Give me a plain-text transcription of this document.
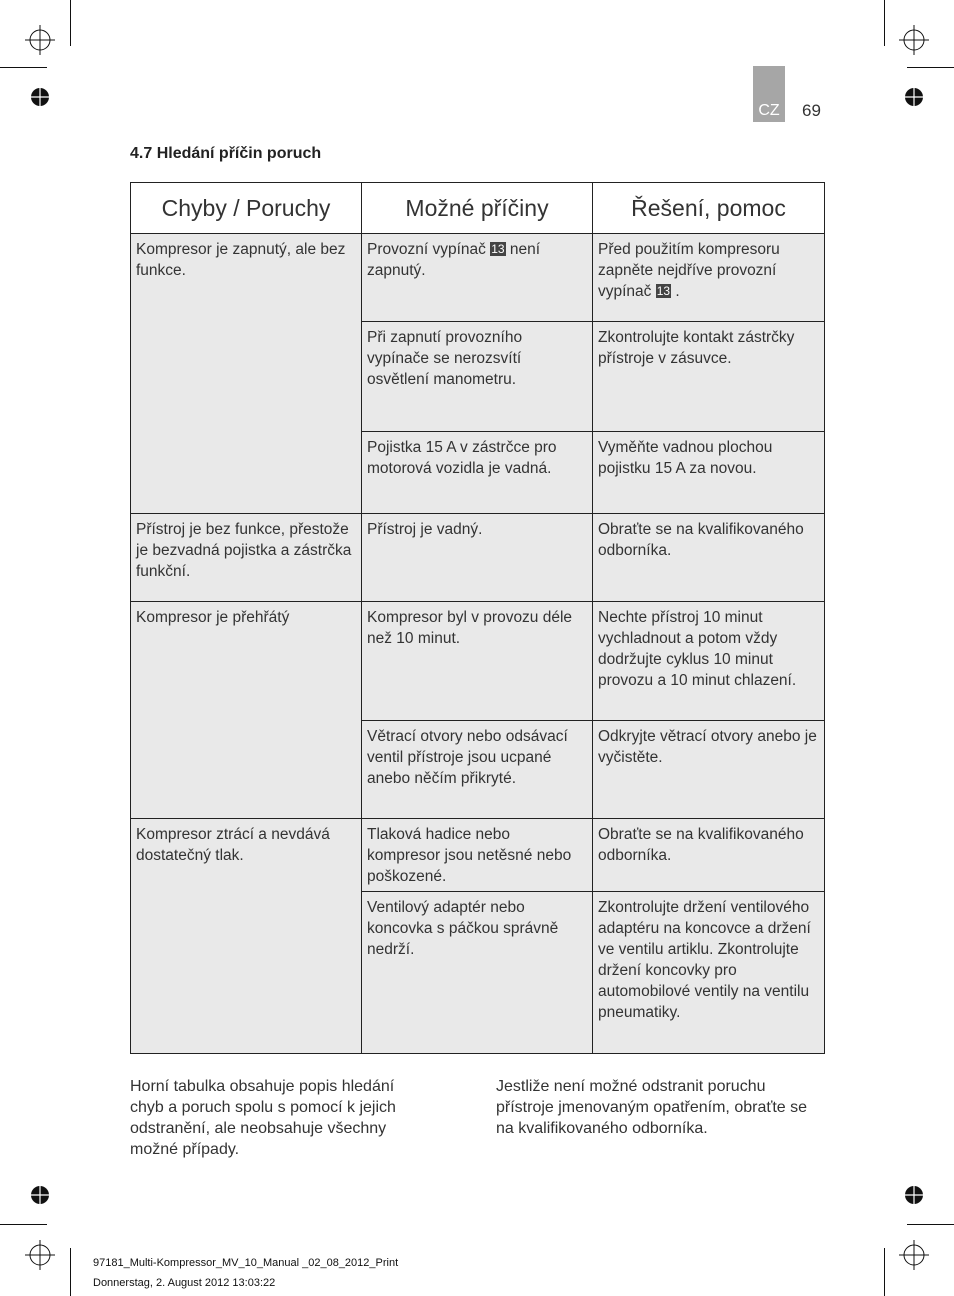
CZ 69
4.7 Hledání příčin poruch
Chyby / Poruchy	Možné příčiny	Řešení, pomoc
Kompresor je zapnutý, ale bez funkce.	Provozní vypínač 13 není zapnutý.	Před použitím kompresoru zapněte nejdříve provozní vypínač 13 .
	Při zapnutí provozního vypínače se nerozsvítí osvětlení manometru.	Zkontrolujte kontakt zástrčky přístroje v zásuvce.
	Pojistka 15 A v zástrčce pro motorová vozidla je vadná.	Vyměňte vadnou plochou pojistku 15 A za novou.
Přístroj je bez funkce, přestože je bezvadná pojistka a zástrčka funkční.	Přístroj je vadný.	Obraťte se na kvalifikovaného odborníka.
Kompresor je přehřátý	Kompresor byl v provozu déle než 10 minut.	Nechte přístroj 10 minut vychladnout a potom vždy dodržujte cyklus 10 minut provozu a 10 minut chlazení.
	Větrací otvory nebo odsávací ventil přístroje jsou ucpané anebo něčím přikryté.	Odkryjte větrací otvory anebo je vyčistěte.
Kompresor ztrácí a nevdává dostatečný tlak.	Tlaková hadice nebo kompresor jsou netěsné nebo poškozené.	Obraťte se na kvalifikovaného odborníka.
	Ventilový adaptér nebo koncovka s páčkou správně nedrží.	Zkontrolujte držení ventilového adaptéru na koncovce a držení ve ventilu artiklu. Zkontrolujte držení koncovky pro automobilové ventily na ventilu pneumatiky.
Horní tabulka obsahuje popis hledání chyb a poruch spolu s pomocí k jejich odstranění, ale neobsahuje všechny možné případy.
Jestliže není možné odstranit poruchu přístroje jmenovaným opatřením, obraťte se na kvalifikovaného odborníka.
97181_Multi-Kompressor_MV_10_Manual _02_08_2012_Print
Donnerstag, 2. August 2012 13:03:22
